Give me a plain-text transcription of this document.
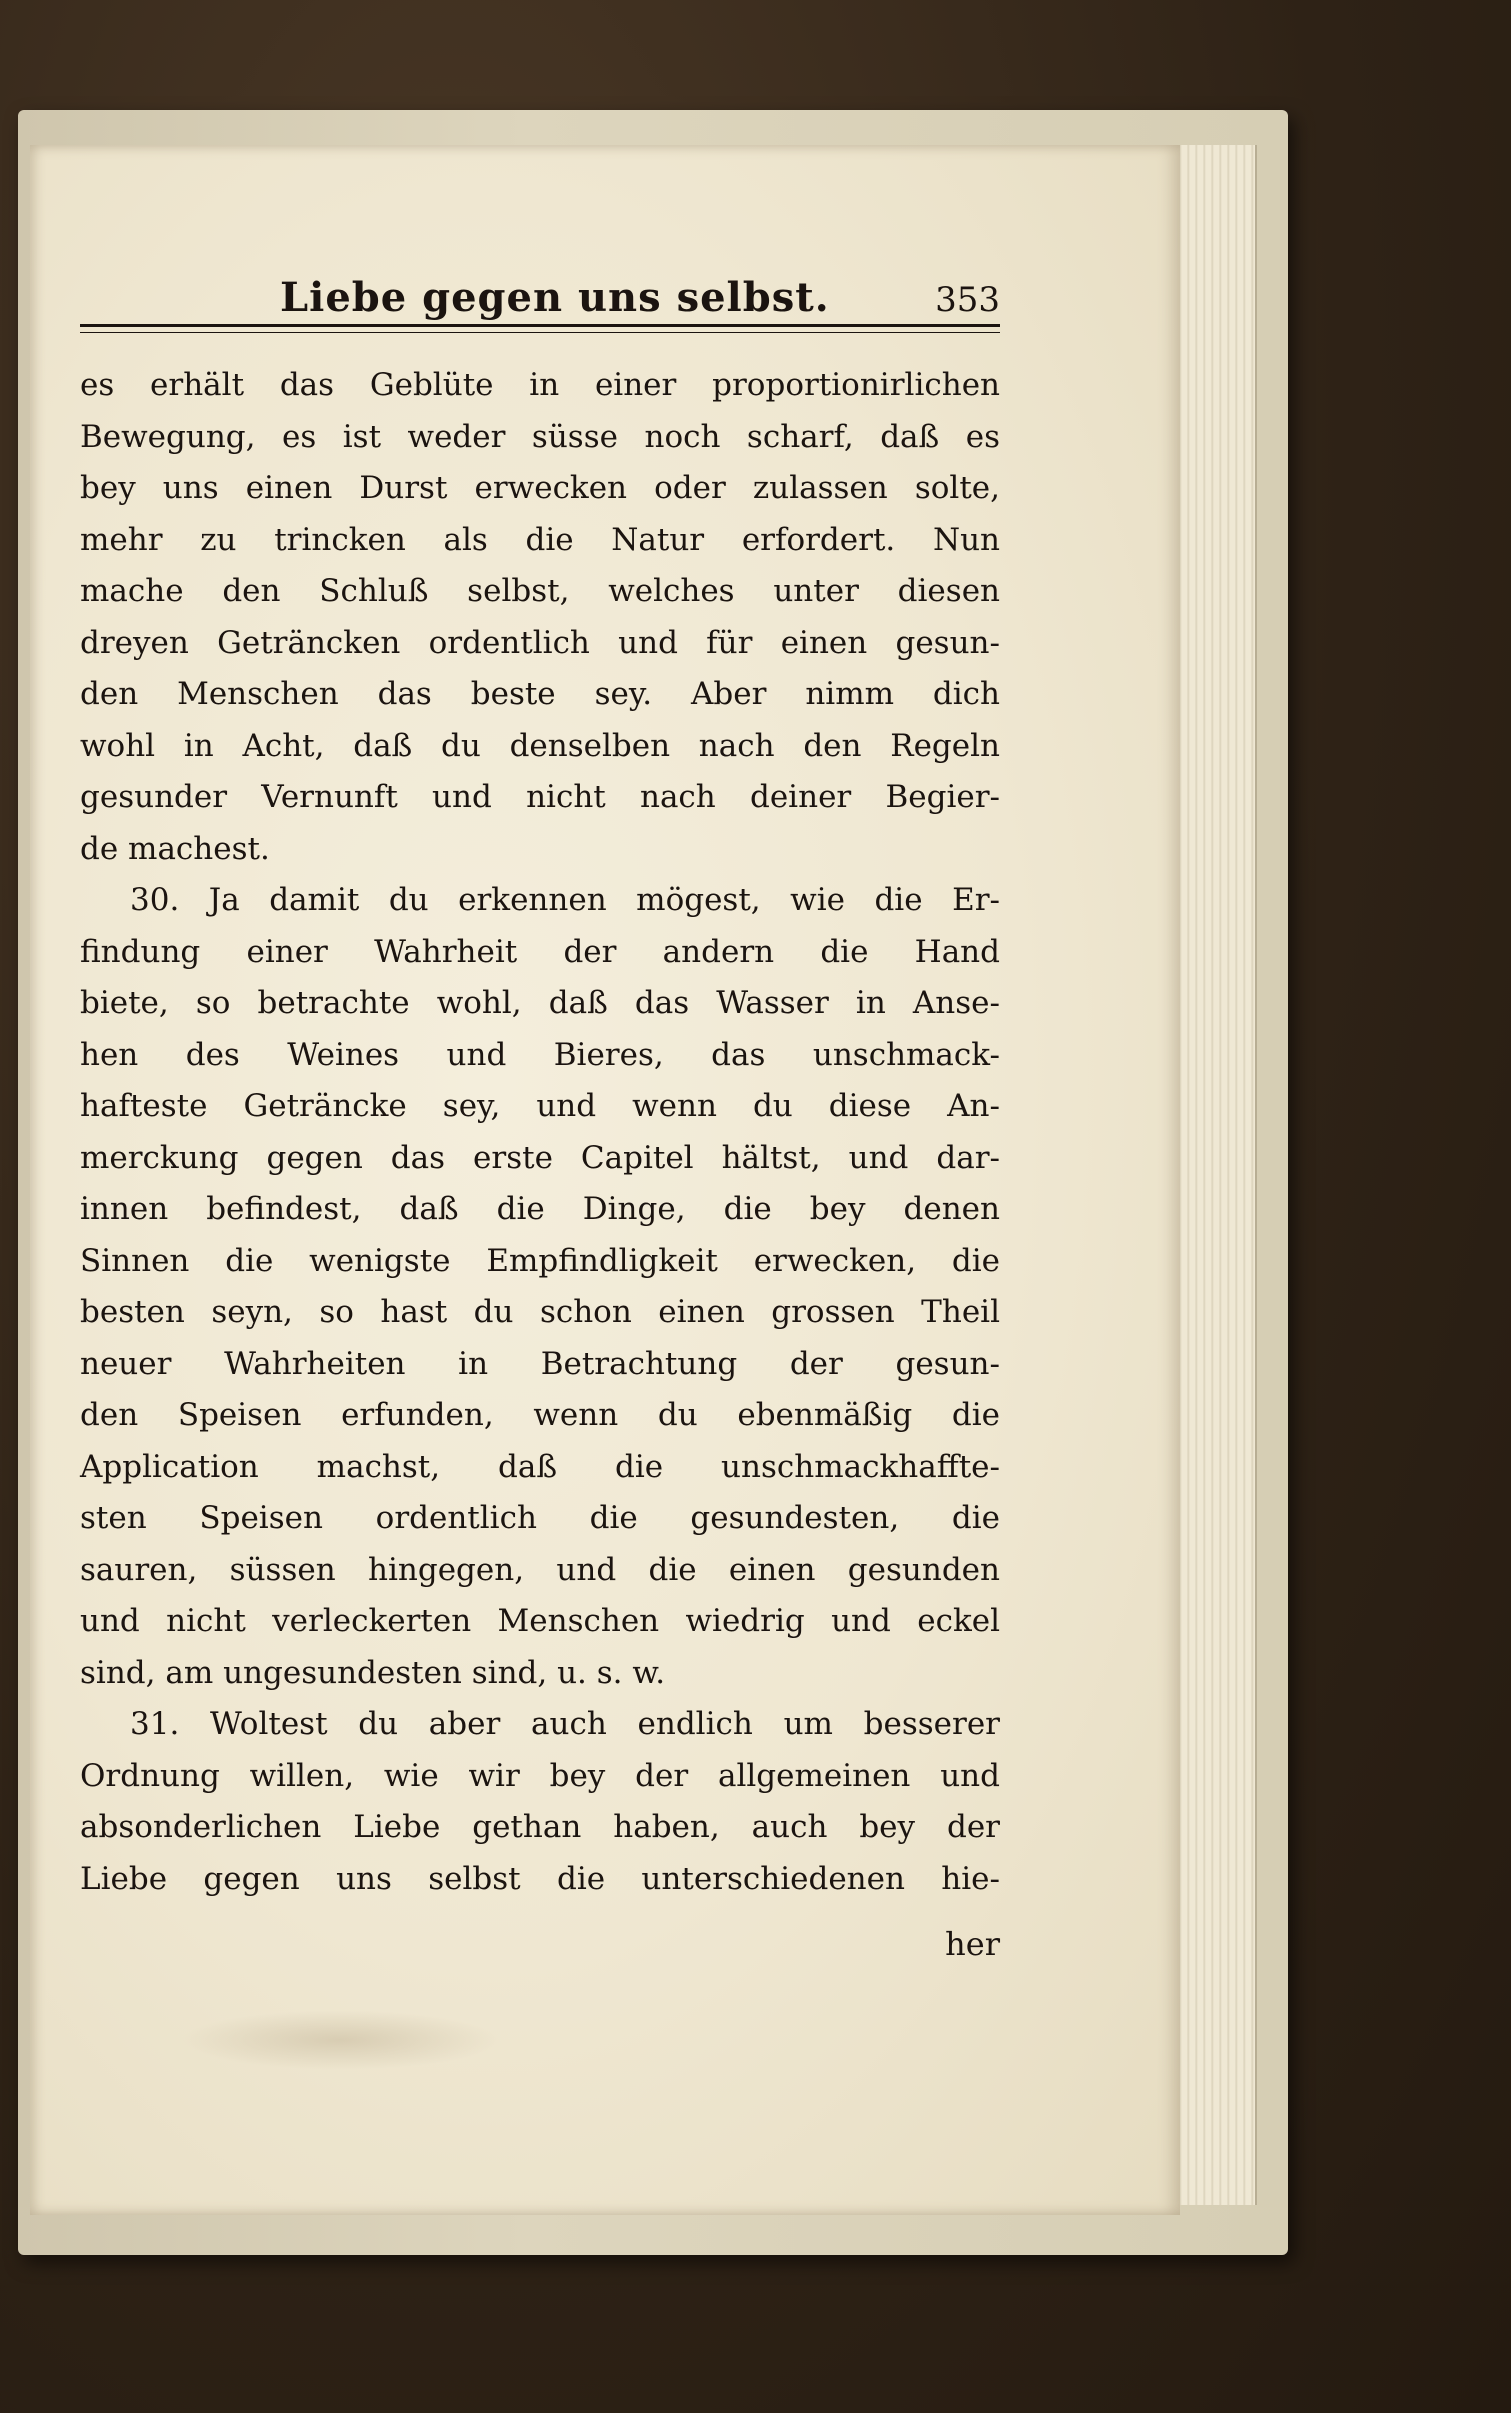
Liebe gegen uns selbst.	353
es erhält das Geblüte in einer proportionirlichen
Bewegung, es ist weder süsse noch scharf, daß es
bey uns einen Durst erwecken oder zulassen solte,
mehr zu trincken als die Natur erfordert. Nun
mache den Schluß selbst, welches unter diesen
dreyen Geträncken ordentlich und für einen gesun-
den Menschen das beste sey. Aber nimm dich
wohl in Acht, daß du denselben nach den Regeln
gesunder Vernunft und nicht nach deiner Begier-
de machest.
30. Ja damit du erkennen mögest, wie die Er-
findung einer Wahrheit der andern die Hand
biete, so betrachte wohl, daß das Wasser in Anse-
hen des Weines und Bieres, das unschmack-
hafteste Geträncke sey, und wenn du diese An-
merckung gegen das erste Capitel hältst, und dar-
innen befindest, daß die Dinge, die bey denen
Sinnen die wenigste Empfindligkeit erwecken, die
besten seyn, so hast du schon einen grossen Theil
neuer Wahrheiten in Betrachtung der gesun-
den Speisen erfunden, wenn du ebenmäßig die
Application machst, daß die unschmackhaffte-
sten Speisen ordentlich die gesundesten, die
sauren, süssen hingegen, und die einen gesunden
und nicht verleckerten Menschen wiedrig und eckel
sind, am ungesundesten sind, u. s. w.
31. Woltest du aber auch endlich um besserer
Ordnung willen, wie wir bey der allgemeinen und
absonderlichen Liebe gethan haben, auch bey der
Liebe gegen uns selbst die unterschiedenen hie-
her
